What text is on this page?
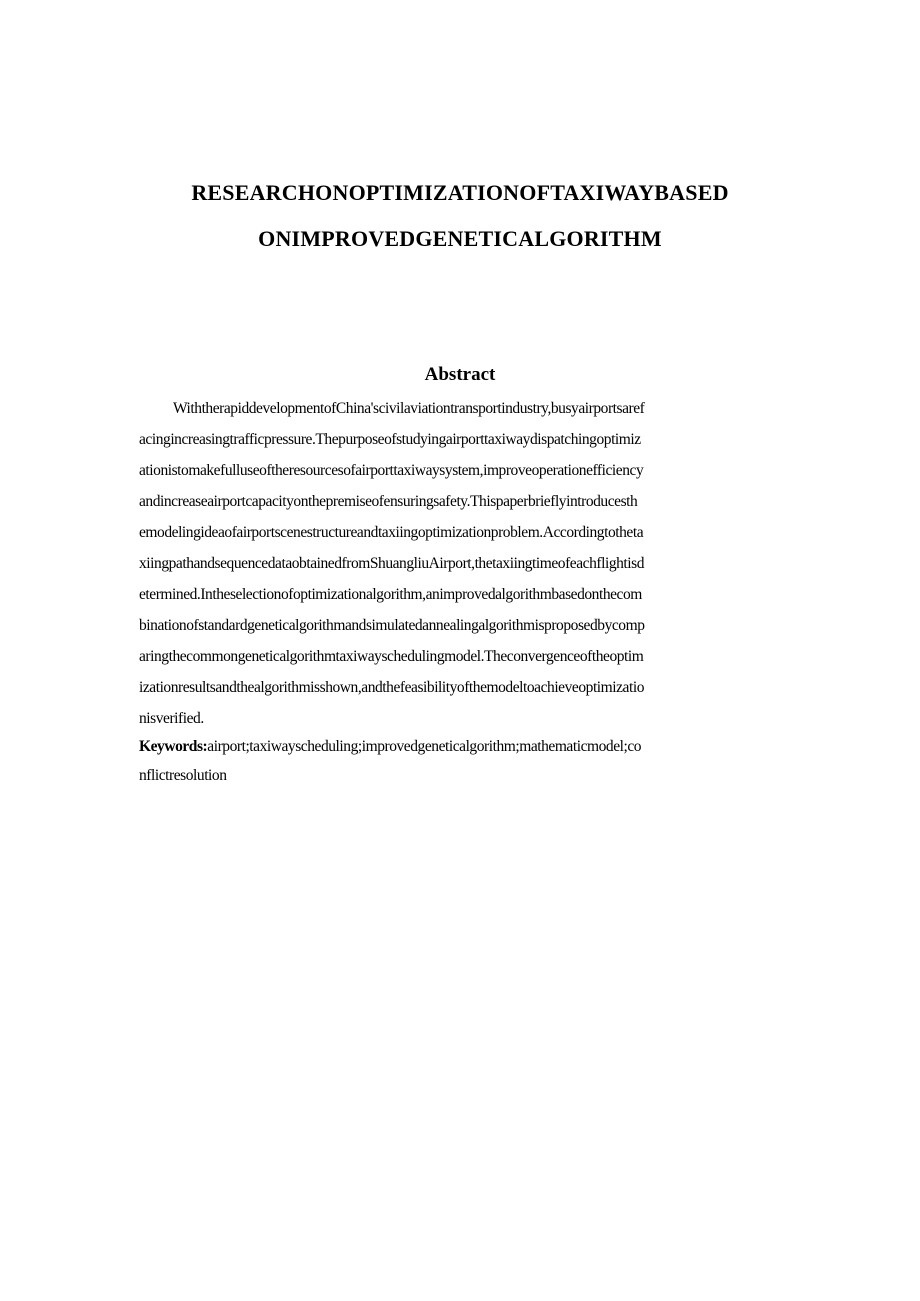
RESEARCHONOPTIMIZATIONOFTAXIWAYBASED
ONIMPROVEDGENETICALGORITHM
Abstract
WiththerapiddevelopmentofChina'scivilaviationtransportindustry,busyairportsaref
acingincreasingtrafficpressure.Thepurposeofstudyingairporttaxiwaydispatchingoptimiz
ationistomakefulluseoftheresourcesofairporttaxiwaysystem,improveoperationefficiency
andincreaseairportcapacityonthepremiseofensuringsafety.Thispaperbrieflyintroducesth
emodelingideaofairportscenestructureandtaxiingoptimizationproblem.Accordingtotheta
xiingpathandsequencedataobtainedfromShuangliuAirport,thetaxiingtimeofeachflightisd
etermined.Intheselectionofoptimizationalgorithm,animprovedalgorithmbasedonthecom
binationofstandardgeneticalgorithmandsimulatedannealingalgorithmisproposedbycomp
aringthecommongeneticalgorithmtaxiwayschedulingmodel.Theconvergenceoftheoptim
izationresultsandthealgorithmisshown,andthefeasibilityofthemodeltoachieveoptimizatio
nisverified.
Keywords:airport;taxiwayscheduling;improvedgeneticalgorithm;mathematicmodel;co
nflictresolution
